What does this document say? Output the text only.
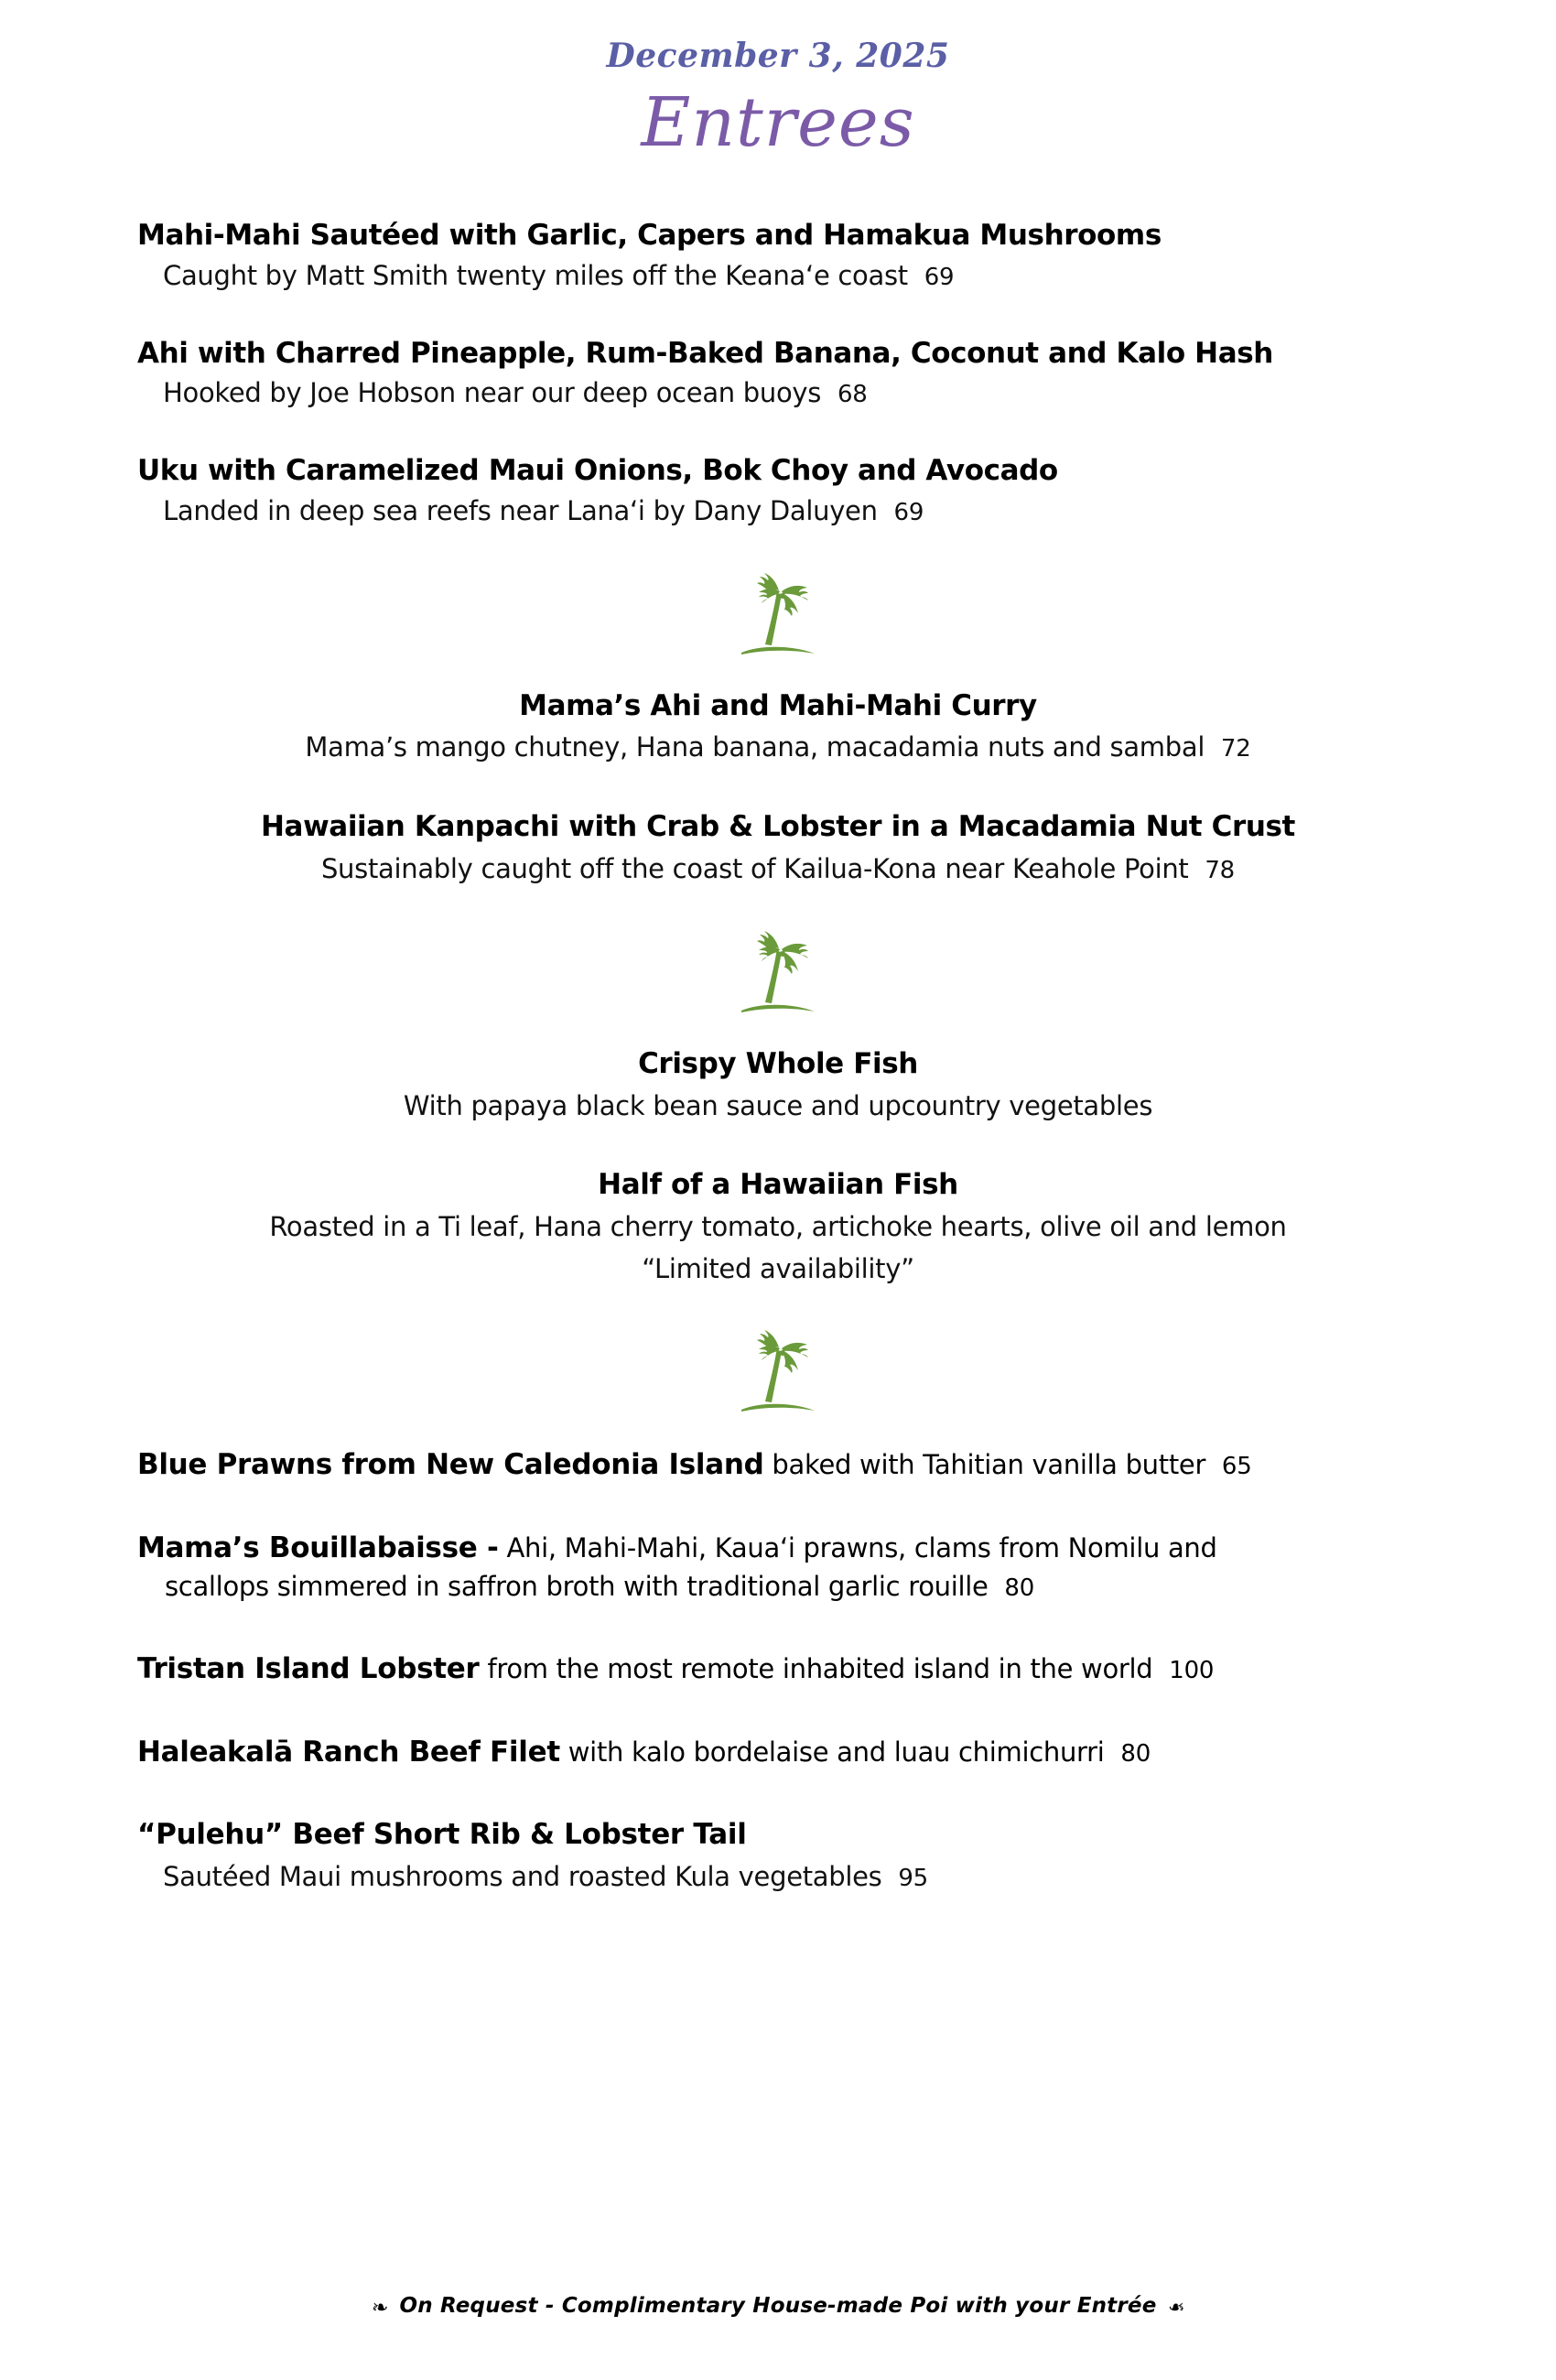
December 3, 2025
Entrees
Mahi-Mahi Sautéed with Garlic, Capers and Hamakua Mushrooms
Caught by Matt Smith twenty miles off the Keanaʻe coast 69
Ahi with Charred Pineapple, Rum-Baked Banana, Coconut and Kalo Hash
Hooked by Joe Hobson near our deep ocean buoys 68
Uku with Caramelized Maui Onions, Bok Choy and Avocado
Landed in deep sea reefs near Lanaʻi by Dany Daluyen 69
Mama’s Ahi and Mahi-Mahi Curry
Mama’s mango chutney, Hana banana, macadamia nuts and sambal 72
Hawaiian Kanpachi with Crab & Lobster in a Macadamia Nut Crust
Sustainably caught off the coast of Kailua-Kona near Keahole Point 78
Crispy Whole Fish
With papaya black bean sauce and upcountry vegetables
Half of a Hawaiian Fish
Roasted in a Ti leaf, Hana cherry tomato, artichoke hearts, olive oil and lemon
“Limited availability”
Blue Prawns from New Caledonia Island baked with Tahitian vanilla butter 65
Mama’s Bouillabaisse - Ahi, Mahi-Mahi, Kauaʻi prawns, clams from Nomilu and
scallops simmered in saffron broth with traditional garlic rouille 80
Tristan Island Lobster from the most remote inhabited island in the world 100
Haleakalā Ranch Beef Filet with kalo bordelaise and luau chimichurri 80
“Pulehu” Beef Short Rib & Lobster Tail
Sautéed Maui mushrooms and roasted Kula vegetables 95
❧ On Request - Complimentary House-made Poi with your Entrée ❧
